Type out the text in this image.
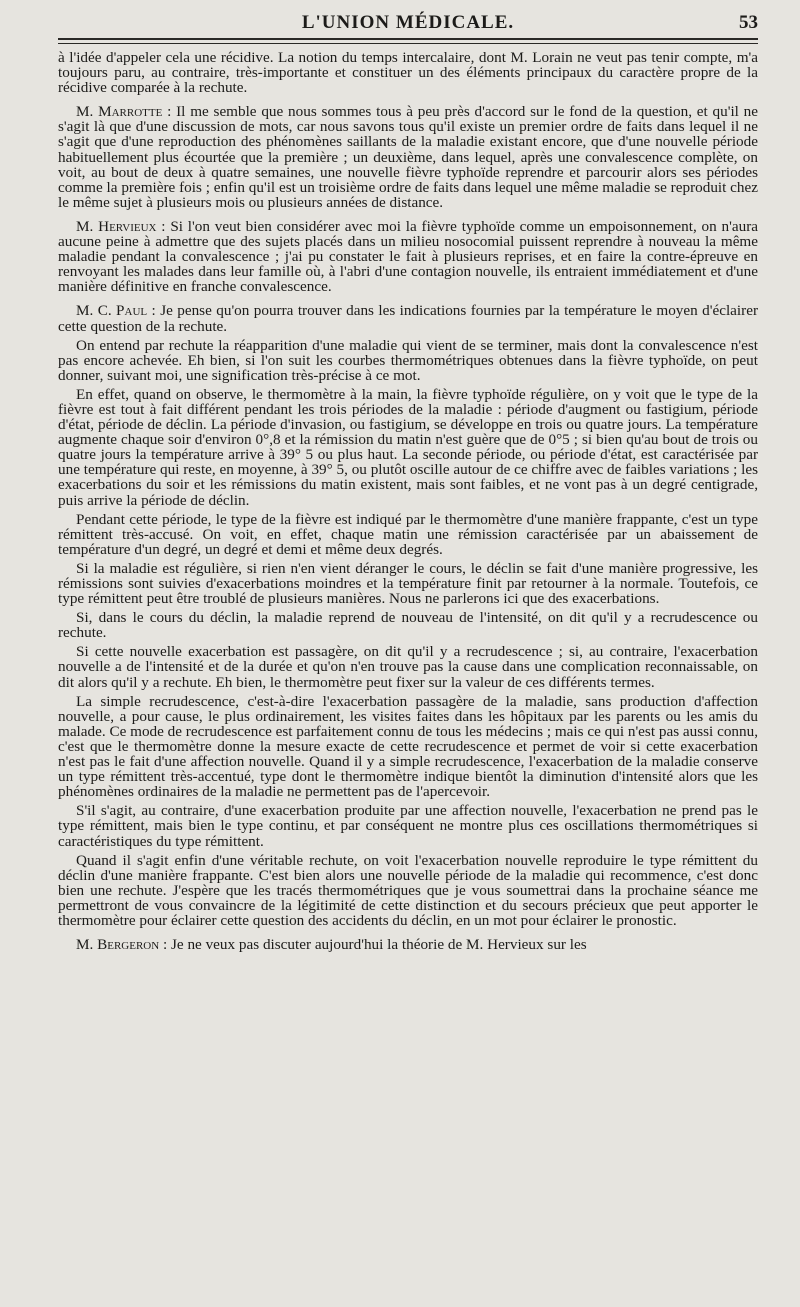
L'UNION MÉDICALE.	53

à l'idée d'appeler cela une récidive. La notion du temps intercalaire, dont M. Lorain ne veut pas tenir compte, m'a toujours paru, au contraire, très-importante et constituer un des éléments principaux du caractère propre de la récidive comparée à la rechute.

M. Marrotte : Il me semble que nous sommes tous à peu près d'accord sur le fond de la question, et qu'il ne s'agit là que d'une discussion de mots, car nous savons tous qu'il existe un premier ordre de faits dans lequel il ne s'agit que d'une reproduction des phénomènes saillants de la maladie existant encore, que d'une nouvelle période habituellement plus écourtée que la première ; un deuxième, dans lequel, après une convalescence complète, on voit, au bout de deux à quatre semaines, une nouvelle fièvre typhoïde reprendre et parcourir alors ses périodes comme la première fois ; enfin qu'il est un troisième ordre de faits dans lequel une même maladie se reproduit chez le même sujet à plusieurs mois ou plusieurs années de distance.

M. Hervieux : Si l'on veut bien considérer avec moi la fièvre typhoïde comme un empoisonnement, on n'aura aucune peine à admettre que des sujets placés dans un milieu nosocomial puissent reprendre à nouveau la même maladie pendant la convalescence ; j'ai pu constater le fait à plusieurs reprises, et en faire la contre-épreuve en renvoyant les malades dans leur famille où, à l'abri d'une contagion nouvelle, ils entraient immédiatement et d'une manière définitive en franche convalescence.

M. C. Paul : Je pense qu'on pourra trouver dans les indications fournies par la température le moyen d'éclairer cette question de la rechute.

On entend par rechute la réapparition d'une maladie qui vient de se terminer, mais dont la convalescence n'est pas encore achevée. Eh bien, si l'on suit les courbes thermométriques obtenues dans la fièvre typhoïde, on peut donner, suivant moi, une signification très-précise à ce mot.

En effet, quand on observe, le thermomètre à la main, la fièvre typhoïde régulière, on y voit que le type de la fièvre est tout à fait différent pendant les trois périodes de la maladie : période d'augment ou fastigium, période d'état, période de déclin. La période d'invasion, ou fastigium, se développe en trois ou quatre jours. La température augmente chaque soir d'environ 0°,8 et la rémission du matin n'est guère que de 0°5 ; si bien qu'au bout de trois ou quatre jours la température arrive à 39° 5 ou plus haut. La seconde période, ou période d'état, est caractérisée par une température qui reste, en moyenne, à 39° 5, ou plutôt oscille autour de ce chiffre avec de faibles variations ; les exacerbations du soir et les rémissions du matin existent, mais sont faibles, et ne vont pas à un degré centigrade, puis arrive la période de déclin.

Pendant cette période, le type de la fièvre est indiqué par le thermomètre d'une manière frappante, c'est un type rémittent très-accusé. On voit, en effet, chaque matin une rémission caractérisée par un abaissement de température d'un degré, un degré et demi et même deux degrés.

Si la maladie est régulière, si rien n'en vient déranger le cours, le déclin se fait d'une manière progressive, les rémissions sont suivies d'exacerbations moindres et la température finit par retourner à la normale. Toutefois, ce type rémittent peut être troublé de plusieurs manières. Nous ne parlerons ici que des exacerbations.

Si, dans le cours du déclin, la maladie reprend de nouveau de l'intensité, on dit qu'il y a recrudescence ou rechute.

Si cette nouvelle exacerbation est passagère, on dit qu'il y a recrudescence ; si, au contraire, l'exacerbation nouvelle a de l'intensité et de la durée et qu'on n'en trouve pas la cause dans une complication reconnaissable, on dit alors qu'il y a rechute. Eh bien, le thermomètre peut fixer sur la valeur de ces différents termes.

La simple recrudescence, c'est-à-dire l'exacerbation passagère de la maladie, sans production d'affection nouvelle, a pour cause, le plus ordinairement, les visites faites dans les hôpitaux par les parents ou les amis du malade. Ce mode de recrudescence est parfaitement connu de tous les médecins ; mais ce qui n'est pas aussi connu, c'est que le thermomètre donne la mesure exacte de cette recrudescence et permet de voir si cette exacerbation n'est pas le fait d'une affection nouvelle. Quand il y a simple recrudescence, l'exacerbation de la maladie conserve un type rémittent très-accentué, type dont le thermomètre indique bientôt la diminution d'intensité alors que les phénomènes ordinaires de la maladie ne permettent pas de l'apercevoir.

S'il s'agit, au contraire, d'une exacerbation produite par une affection nouvelle, l'exacerbation ne prend pas le type rémittent, mais bien le type continu, et par conséquent ne montre plus ces oscillations thermométriques si caractéristiques du type rémittent.

Quand il s'agit enfin d'une véritable rechute, on voit l'exacerbation nouvelle reproduire le type rémittent du déclin d'une manière frappante. C'est bien alors une nouvelle période de la maladie qui recommence, c'est donc bien une rechute. J'espère que les tracés thermométriques que je vous soumettrai dans la prochaine séance me permettront de vous convaincre de la légitimité de cette distinction et du secours précieux que peut apporter le thermomètre pour éclairer cette question des accidents du déclin, en un mot pour éclairer le pronostic.

M. Bergeron : Je ne veux pas discuter aujourd'hui la théorie de M. Hervieux sur les
